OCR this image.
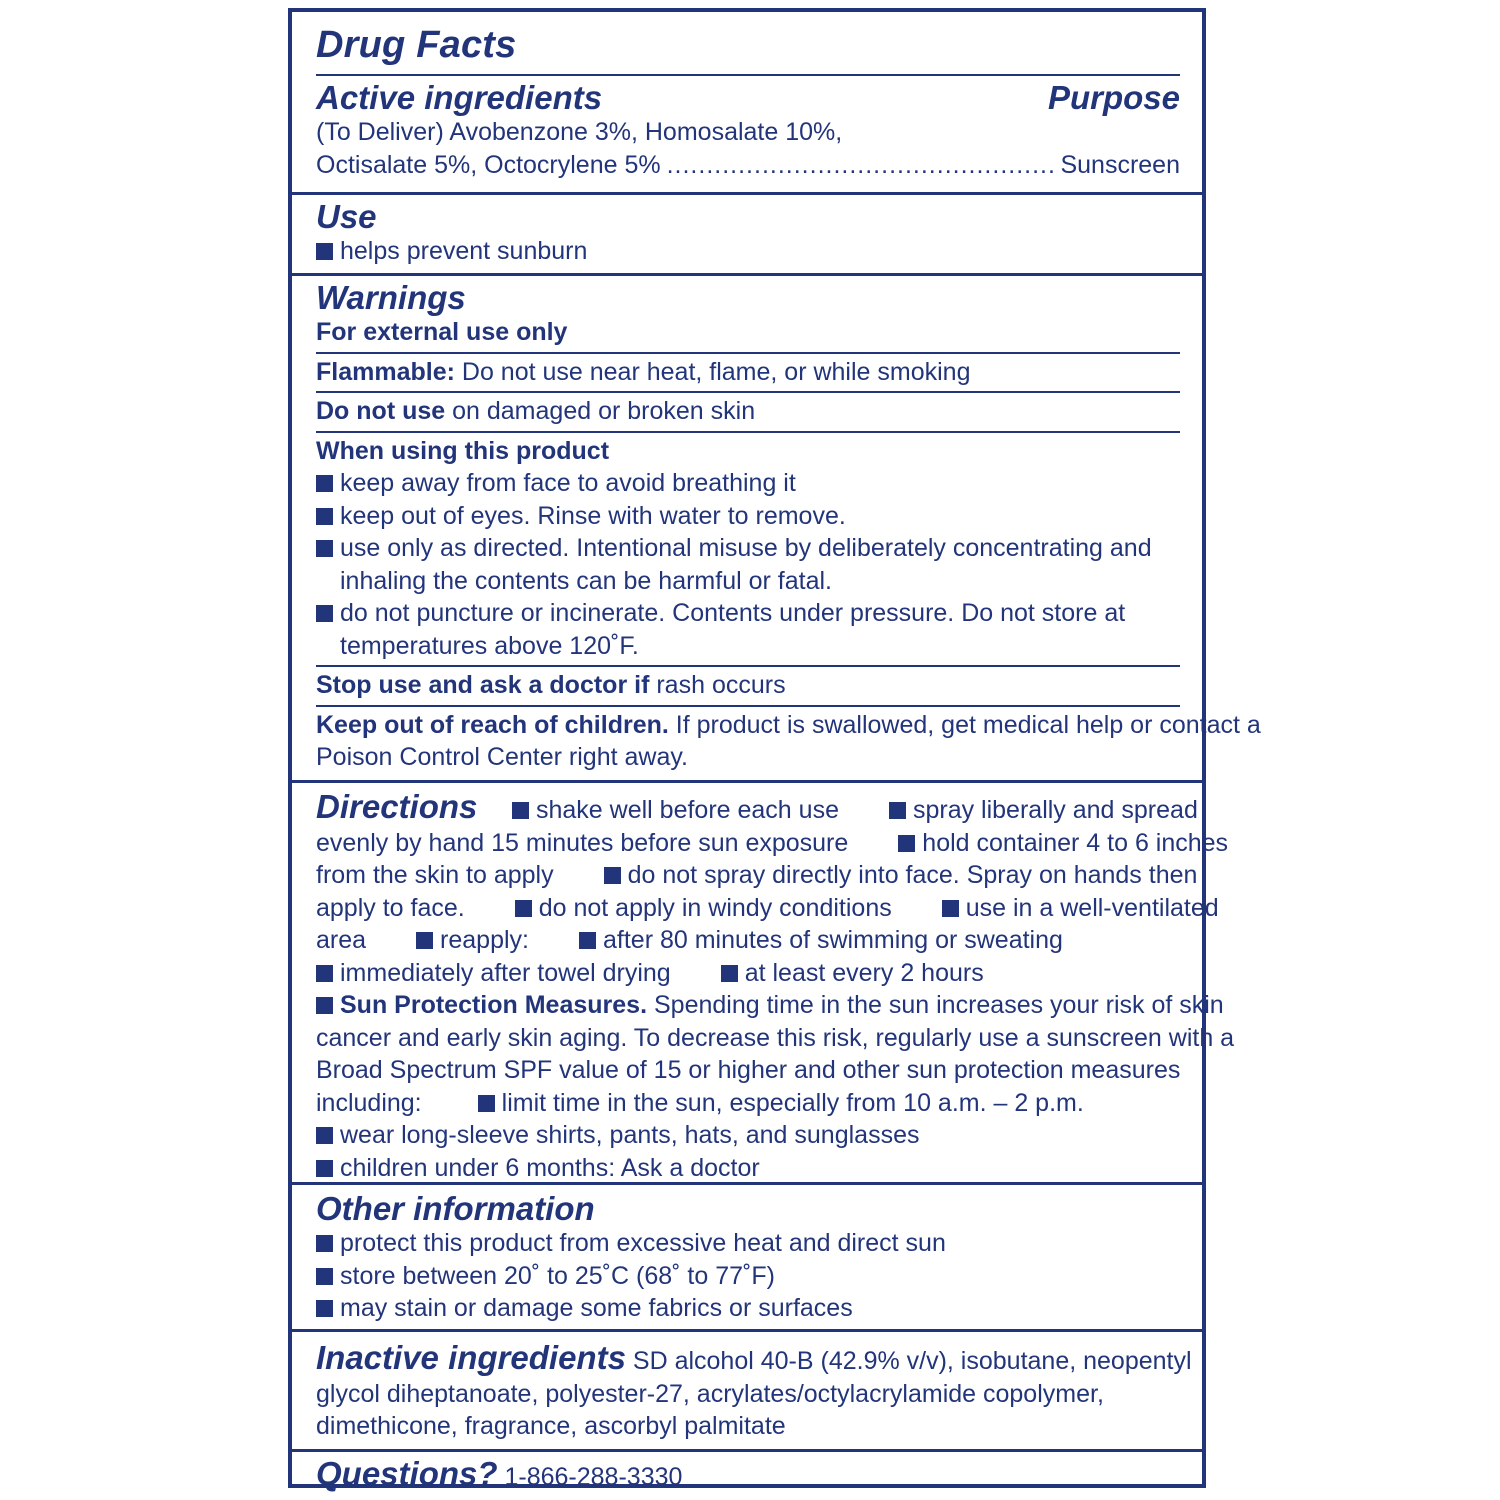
Drug Facts
Active ingredients	Purpose

(To Deliver) Avobenzone 3%, Homosalate 10%,

Octisalate 5%, Octocrylene 5%
.....	Sunscreen
Use

helps prevent sunburn

Warnings

For external use only

Flammable: Do not use near heat, flame, or while smoking

Do not use on damaged or broken skin

When using this product

keep away from face to avoid breathing it

keep out of eyes. Rinse with water to remove.

use only as directed. Intentional misuse by deliberately concentrating and

inhaling the contents can be harmful or fatal.

do not puncture or incinerate. Contents under pressure. Do not store at

temperatures above 120˚F.

Stop use and ask a doctor if rash occurs

Keep out of reach of children. If product is swallowed, get medical help or contact a

Poison Control Center right away.

Directions shake well before each use	spray liberally and spread

evenly by hand 15 minutes before sun exposure	hold container 4 to 6 inches

from the skin to apply	do not spray directly into face. Spray on hands then

apply to face.	do not apply in windy conditions	use in a well-ventilated

area	reapply:	after 80 minutes of swimming or sweating

immediately after towel drying	at least every 2 hours

Sun Protection Measures. Spending time in the sun increases your risk of skin

cancer and early skin aging. To decrease this risk, regularly use a sunscreen with a

Broad Spectrum SPF value of 15 or higher and other sun protection measures

including:	limit time in the sun, especially from 10 a.m. – 2 p.m.

wear long-sleeve shirts, pants, hats, and sunglasses

children under 6 months: Ask a doctor

Other information

protect this product from excessive heat and direct sun

store between 20˚ to 25˚C (68˚ to 77˚F)

may stain or damage some fabrics or surfaces

Inactive ingredients SD alcohol 40-B (42.9% v/v), isobutane, neopentyl

glycol diheptanoate, polyester-27, acrylates/octylacrylamide copolymer,

dimethicone, fragrance, ascorbyl palmitate

Questions? 1-866-288-3330
